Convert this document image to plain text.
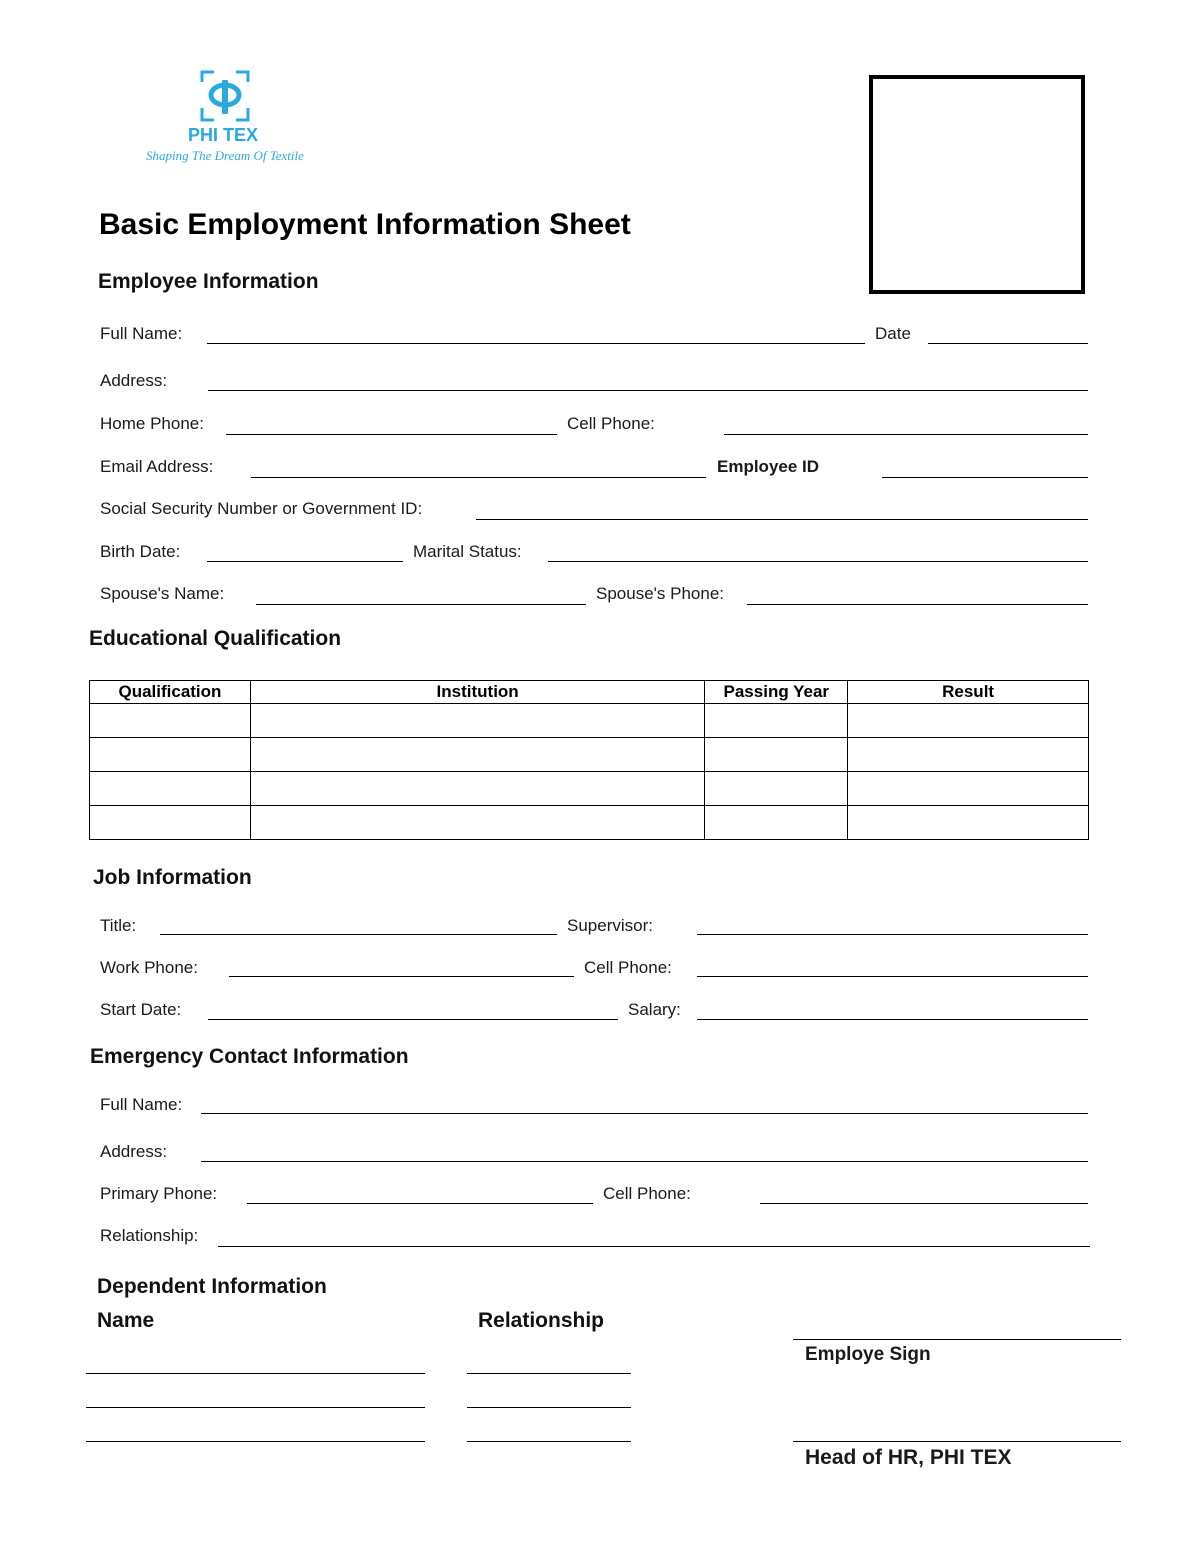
PHI TEX
Shaping The Dream Of Textile
Basic Employment Information Sheet
Employee Information
Full Name:	Date
Address:
Home Phone:	Cell Phone:
Email Address:	Employee ID
Social Security Number or Government ID:
Birth Date:	Marital Status:
Spouse's Name:	Spouse's Phone:
Educational Qualification
Qualification	Institution	Passing Year	Result

Job Information
Title:	Supervisor:
Work Phone:	Cell Phone:
Start Date:	Salary:
Emergency Contact Information
Full Name:
Address:
Primary Phone:	Cell Phone:
Relationship:
Dependent Information
Name	Relationship
Employe Sign
Head of HR, PHI TEX
